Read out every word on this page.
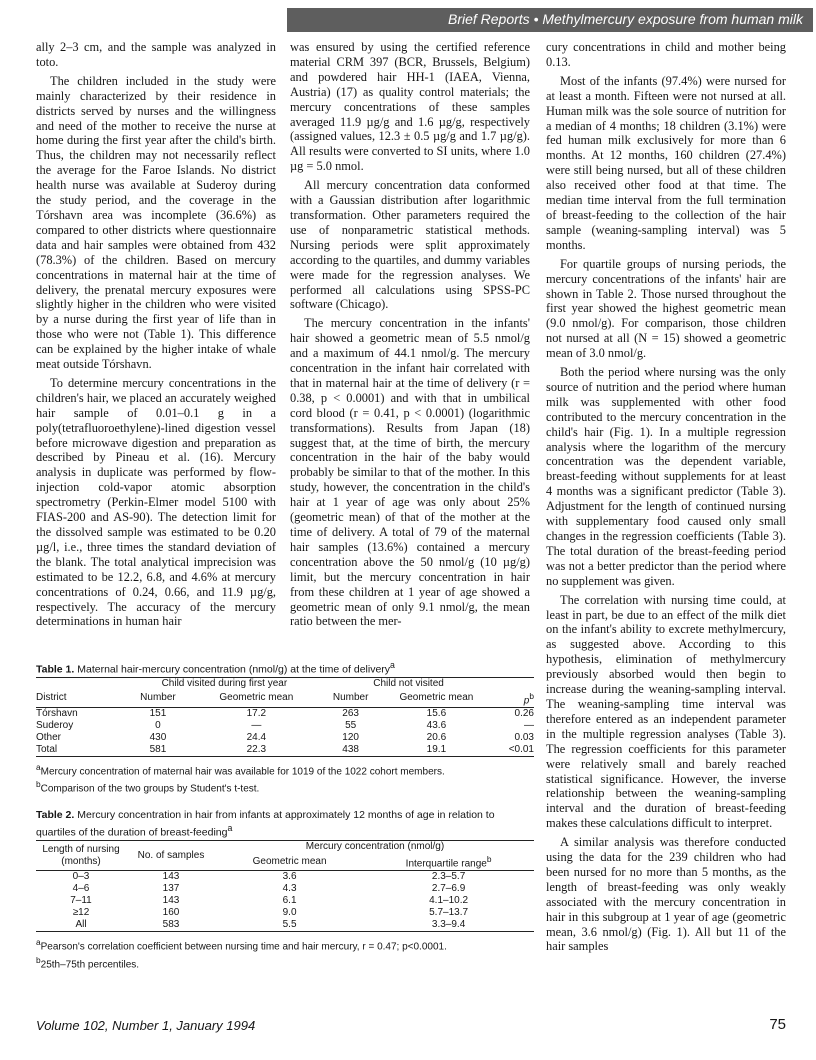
Brief Reports • Methylmercury exposure from human milk

ally 2–3 cm, and the sample was analyzed in toto.

The children included in the study were mainly characterized by their residence in districts served by nurses and the willingness and need of the mother to receive the nurse at home during the first year after the child's birth. Thus, the children may not necessarily reflect the average for the Faroe Islands. No district health nurse was available at Suderoy during the study period, and the coverage in the Tórshavn area was incomplete (36.6%) as compared to other districts where questionnaire data and hair samples were obtained from 432 (78.3%) of the children. Based on mercury concentrations in maternal hair at the time of delivery, the prenatal mercury exposures were slightly higher in the children who were visited by a nurse during the first year of life than in those who were not (Table 1). This difference can be explained by the higher intake of whale meat outside Tórshavn.

To determine mercury concentrations in the children's hair, we placed an accurately weighed hair sample of 0.01–0.1 g in a poly(tetrafluoroethylene)-lined digestion vessel before microwave digestion and preparation as described by Pineau et al. (16). Mercury analysis in duplicate was performed by flow-injection cold-vapor atomic absorption spectrometry (Perkin-Elmer model 5100 with FIAS-200 and AS-90). The detection limit for the dissolved sample was estimated to be 0.20 µg/l, i.e., three times the standard deviation of the blank. The total analytical imprecision was estimated to be 12.2, 6.8, and 4.6% at mercury concentrations of 0.24, 0.66, and 11.9 µg/g, respectively. The accuracy of the mercury determinations in human hair

was ensured by using the certified reference material CRM 397 (BCR, Brussels, Belgium) and powdered hair HH-1 (IAEA, Vienna, Austria) (17) as quality control materials; the mercury concentrations of these samples averaged 11.9 µg/g and 1.6 µg/g, respectively (assigned values, 12.3 ± 0.5 µg/g and 1.7 µg/g). All results were converted to SI units, where 1.0 µg = 5.0 nmol.

All mercury concentration data conformed with a Gaussian distribution after logarithmic transformation. Other parameters required the use of nonparametric statistical methods. Nursing periods were split approximately according to the quartiles, and dummy variables were made for the regression analyses. We performed all calculations using SPSS-PC software (Chicago).

The mercury concentration in the infants' hair showed a geometric mean of 5.5 nmol/g and a maximum of 44.1 nmol/g. The mercury concentration in the infant hair correlated with that in maternal hair at the time of delivery (r = 0.38, p < 0.0001) and with that in umbilical cord blood (r = 0.41, p < 0.0001) (logarithmic transformations). Results from Japan (18) suggest that, at the time of birth, the mercury concentration in the hair of the baby would probably be similar to that of the mother. In this study, however, the concentration in the child's hair at 1 year of age was only about 25% (geometric mean) of that of the mother at the time of delivery. A total of 79 of the maternal hair samples (13.6%) contained a mercury concentration above the 50 nmol/g (10 µg/g) limit, but the mercury concentration in hair from these children at 1 year of age showed a geometric mean of only 9.1 nmol/g, the mean ratio between the mer-

cury concentrations in child and mother being 0.13.

Most of the infants (97.4%) were nursed for at least a month. Fifteen were not nursed at all. Human milk was the sole source of nutrition for a median of 4 months; 18 children (3.1%) were fed human milk exclusively for more than 6 months. At 12 months, 160 children (27.4%) were still being nursed, but all of these children also received other food at that time. The median time interval from the full termination of breast-feeding to the collection of the hair sample (weaning-sampling interval) was 5 months.

For quartile groups of nursing periods, the mercury concentrations of the infants' hair are shown in Table 2. Those nursed throughout the first year showed the highest geometric mean (9.0 nmol/g). For comparison, those children not nursed at all (N = 15) showed a geometric mean of 3.0 nmol/g.

Both the period where nursing was the only source of nutrition and the period where human milk was supplemented with other food contributed to the mercury concentration in the child's hair (Fig. 1). In a multiple regression analysis where the logarithm of the mercury concentration was the dependent variable, breast-feeding without supplements for at least 4 months was a significant predictor (Table 3). Adjustment for the length of continued nursing with supplementary food caused only small changes in the regression coefficients (Table 3). The total duration of the breast-feeding period was not a better predictor than the period where no supplement was given.

The correlation with nursing time could, at least in part, be due to an effect of the milk diet on the infant's ability to excrete methylmercury, as suggested above. According to this hypothesis, elimination of methylmercury previously absorbed would then begin to increase during the weaning-sampling interval. The weaning-sampling time interval was therefore entered as an independent parameter in the multiple regression analyses (Table 3). The regression coefficients for this parameter were relatively small and barely reached statistical significance. However, the inverse relationship between the weaning-sampling interval and the duration of breast-feeding makes these calculations difficult to interpret.

A similar analysis was therefore conducted using the data for the 239 children who had been nursed for no more than 5 months, as the length of breast-feeding was only weakly associated with the mercury concentration in hair in this subgroup at 1 year of age (geometric mean, 3.6 nmol/g) (Fig. 1). All but 11 of the hair samples

Table 1. Maternal hair-mercury concentration (nmol/g) at the time of delivery$^a$

	Child visited during first year		Child not visited		
District	Number	Geometric mean	Number	Geometric mean	$p^b$
Tórshavn	151	17.2	263	15.6	0.26
Suderoy	0	—	55	43.6	—
Other	430	24.4	120	20.6	0.03
Total	581	22.3	438	19.1	<0.01

$^a$Mercury concentration of maternal hair was available for 1019 of the 1022 cohort members.

$^b$Comparison of the two groups by Student's t-test.

Table 2. Mercury concentration in hair from infants at approximately 12 months of age in relation to quartiles of the duration of breast-feeding$^a$

Length of nursing (months)	No. of samples	Mercury concentration (nmol/g)	
		Geometric mean	Interquartile range$^b$
0–3	143	3.6	2.3–5.7
4–6	137	4.3	2.7–6.9
7–11	143	6.1	4.1–10.2
≥12	160	9.0	5.7–13.7
All	583	5.5	3.3–9.4

$^a$Pearson's correlation coefficient between nursing time and hair mercury, r = 0.47; p<0.0001.

$^b$25th–75th percentiles.

Volume 102, Number 1, January 1994	75
